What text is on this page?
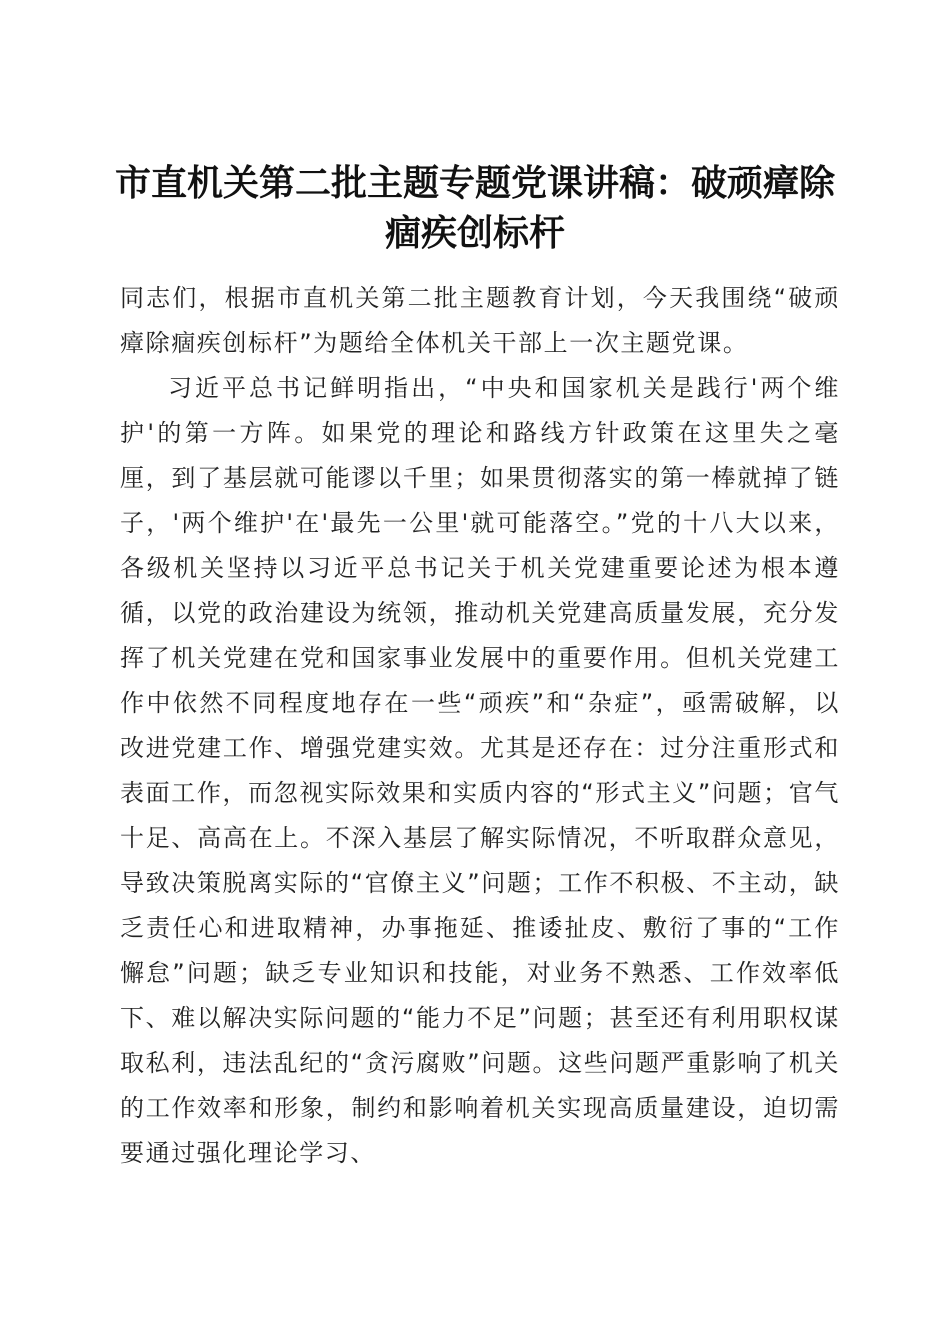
市直机关第二批主题专题党课讲稿：破顽瘴除痼疾创标杆

同志们，根据市直机关第二批主题教育计划，今天我围绕“破顽瘴除痼疾创标杆”为题给全体机关干部上一次主题党课。

习近平总书记鲜明指出，“中央和国家机关是践行'两个维护'的第一方阵。如果党的理论和路线方针政策在这里失之毫厘，到了基层就可能谬以千里；如果贯彻落实的第一棒就掉了链子，'两个维护'在'最先一公里'就可能落空。”党的十八大以来，各级机关坚持以习近平总书记关于机关党建重要论述为根本遵循，以党的政治建设为统领，推动机关党建高质量发展，充分发挥了机关党建在党和国家事业发展中的重要作用。但机关党建工作中依然不同程度地存在一些“顽疾”和“杂症”，亟需破解，以改进党建工作、增强党建实效。尤其是还存在：过分注重形式和表面工作，而忽视实际效果和实质内容的“形式主义”问题；官气十足、高高在上。不深入基层了解实际情况，不听取群众意见，导致决策脱离实际的“官僚主义”问题；工作不积极、不主动，缺乏责任心和进取精神，办事拖延、推诿扯皮、敷衍了事的“工作懈怠”问题；缺乏专业知识和技能，对业务不熟悉、工作效率低下、难以解决实际问题的“能力不足”问题；甚至还有利用职权谋取私利，违法乱纪的“贪污腐败”问题。这些问题严重影响了机关的工作效率和形象，制约和影响着机关实现高质量建设，迫切需要通过强化理论学习、
